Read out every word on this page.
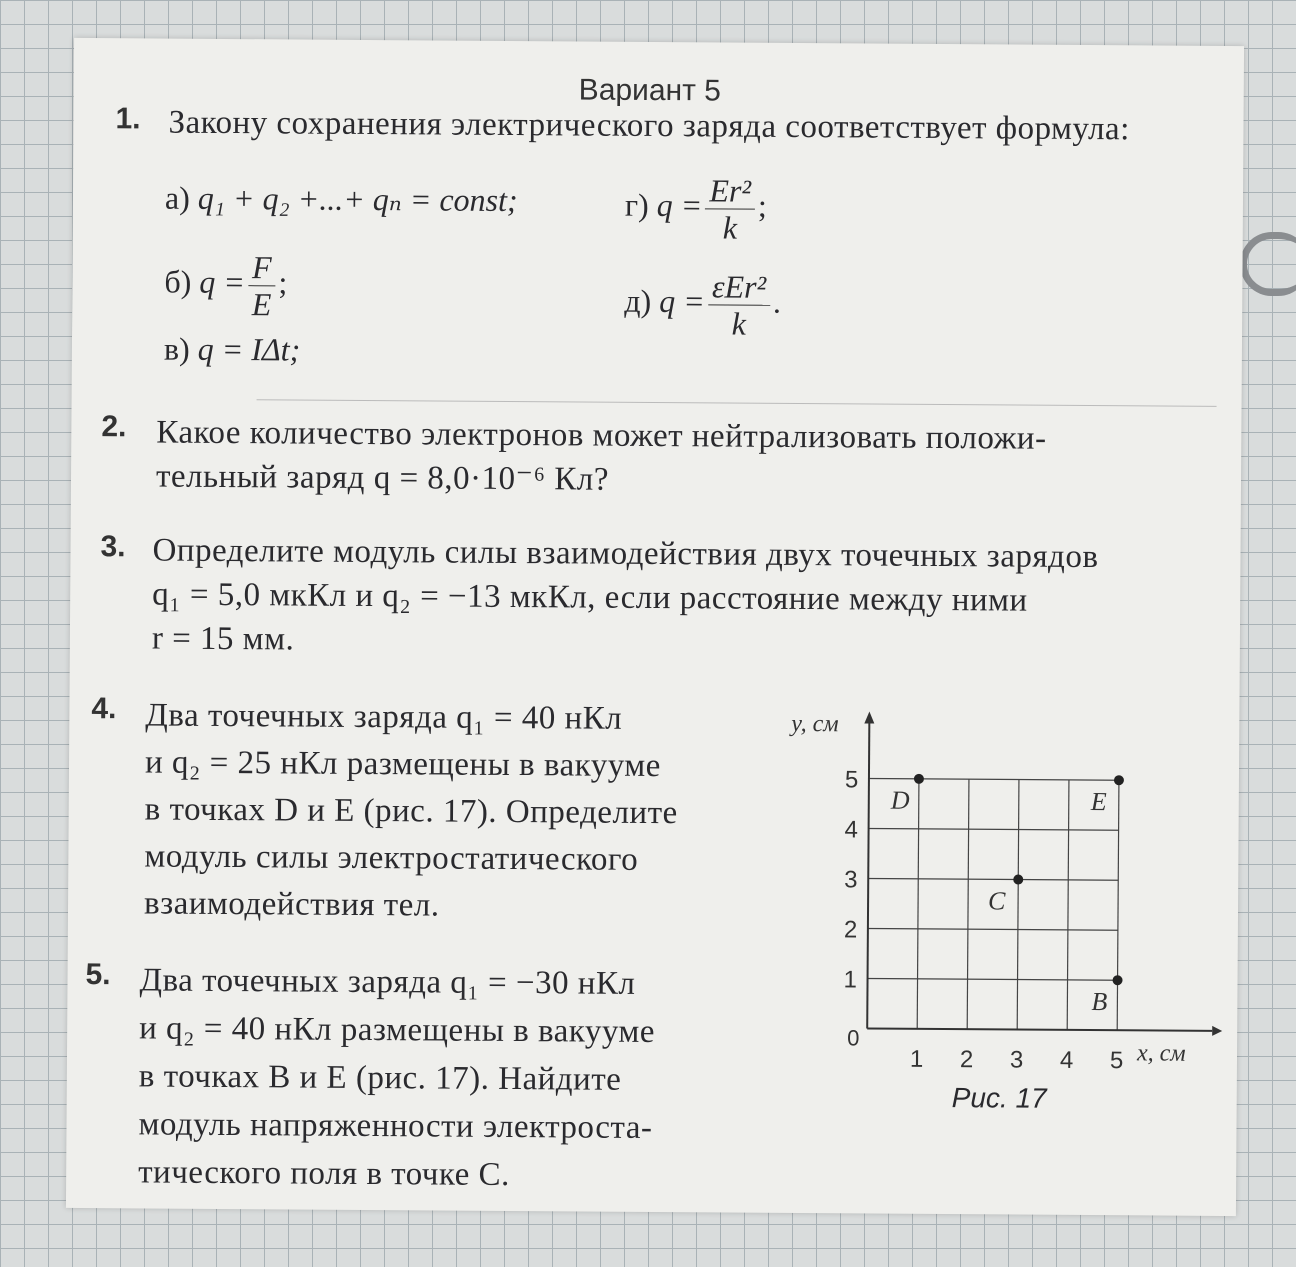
Вариант 5
1. Закону сохранения электрического заряда соответствует формула:
а) q₁ + q₂ +...+ qₙ = const;
б) $q = \frac{F}{E}$ ;
в) q = IΔt;
г) $q = \frac{\text{Er²}}{k}$ ;
д) $q = \frac{\text{εEr²}}{k}$ .
2. Какое количество электронов может нейтрализовать положи-
тельный заряд q = 8,0·10⁻⁶ Кл?
3. Определите модуль силы взаимодействия двух точечных зарядов
q₁ = 5,0 мкКл и q₂ = −13 мкКл, если расстояние между ними
r = 15 мм.
4. Два точечных заряда q₁ = 40 нКл
и q₂ = 25 нКл размещены в вакууме
в точках D и E (рис. 17). Определите
модуль силы электростатического
взаимодействия тел.
5. Два точечных заряда q₁ = −30 нКл
и q₂ = 40 нКл размещены в вакууме
в точках B и E (рис. 17). Найдите
модуль напряженности электроста-
тического поля в точке C.
y, см
x, см
0
1 2 3 4 5
1
2
3
4
5
D	E
C
B
Рис. 17
